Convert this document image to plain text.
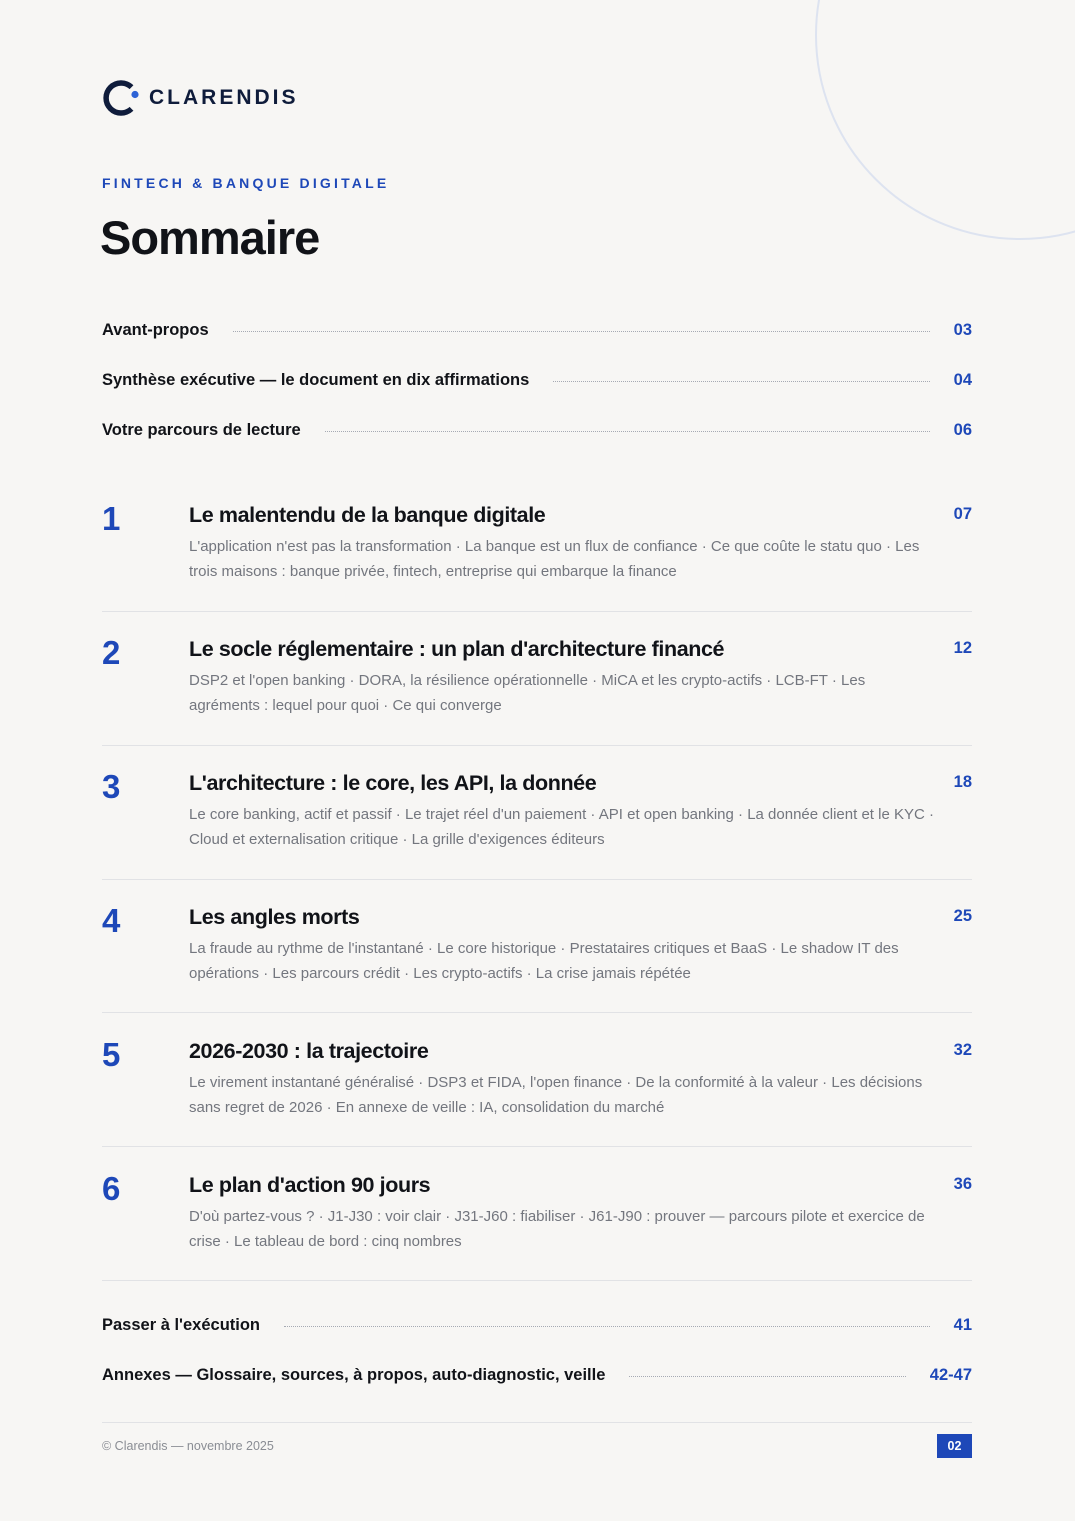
CLARENDIS
FINTECH & BANQUE DIGITALE
Sommaire
Avant-propos	03
Synthèse exécutive — le document en dix affirmations	04
Votre parcours de lecture	06
1	Le malentendu de la banque digitale	07

L'application n'est pas la transformation · La banque est un flux de confiance · Ce que coûte le statu quo · Les trois maisons : banque privée, fintech, entreprise qui embarque la finance

2	Le socle réglementaire : un plan d'architecture financé	12

DSP2 et l'open banking · DORA, la résilience opérationnelle · MiCA et les crypto-actifs · LCB-FT · Les agréments : lequel pour quoi · Ce qui converge

3	L'architecture : le core, les API, la donnée	18

Le core banking, actif et passif · Le trajet réel d'un paiement · API et open banking · La donnée client et le KYC · Cloud et externalisation critique · La grille d'exigences éditeurs

4	Les angles morts	25

La fraude au rythme de l'instantané · Le core historique · Prestataires critiques et BaaS · Le shadow IT des opérations · Les parcours crédit · Les crypto-actifs · La crise jamais répétée

5	2026-2030 : la trajectoire	32

Le virement instantané généralisé · DSP3 et FIDA, l'open finance · De la conformité à la valeur · Les décisions sans regret de 2026 · En annexe de veille : IA, consolidation du marché

6	Le plan d'action 90 jours	36

D'où partez-vous ? · J1-J30 : voir clair · J31-J60 : fiabiliser · J61-J90 : prouver — parcours pilote et exercice de crise · Le tableau de bord : cinq nombres

Passer à l'exécution	41
Annexes — Glossaire, sources, à propos, auto-diagnostic, veille	42-47
© Clarendis — novembre 2025	02
